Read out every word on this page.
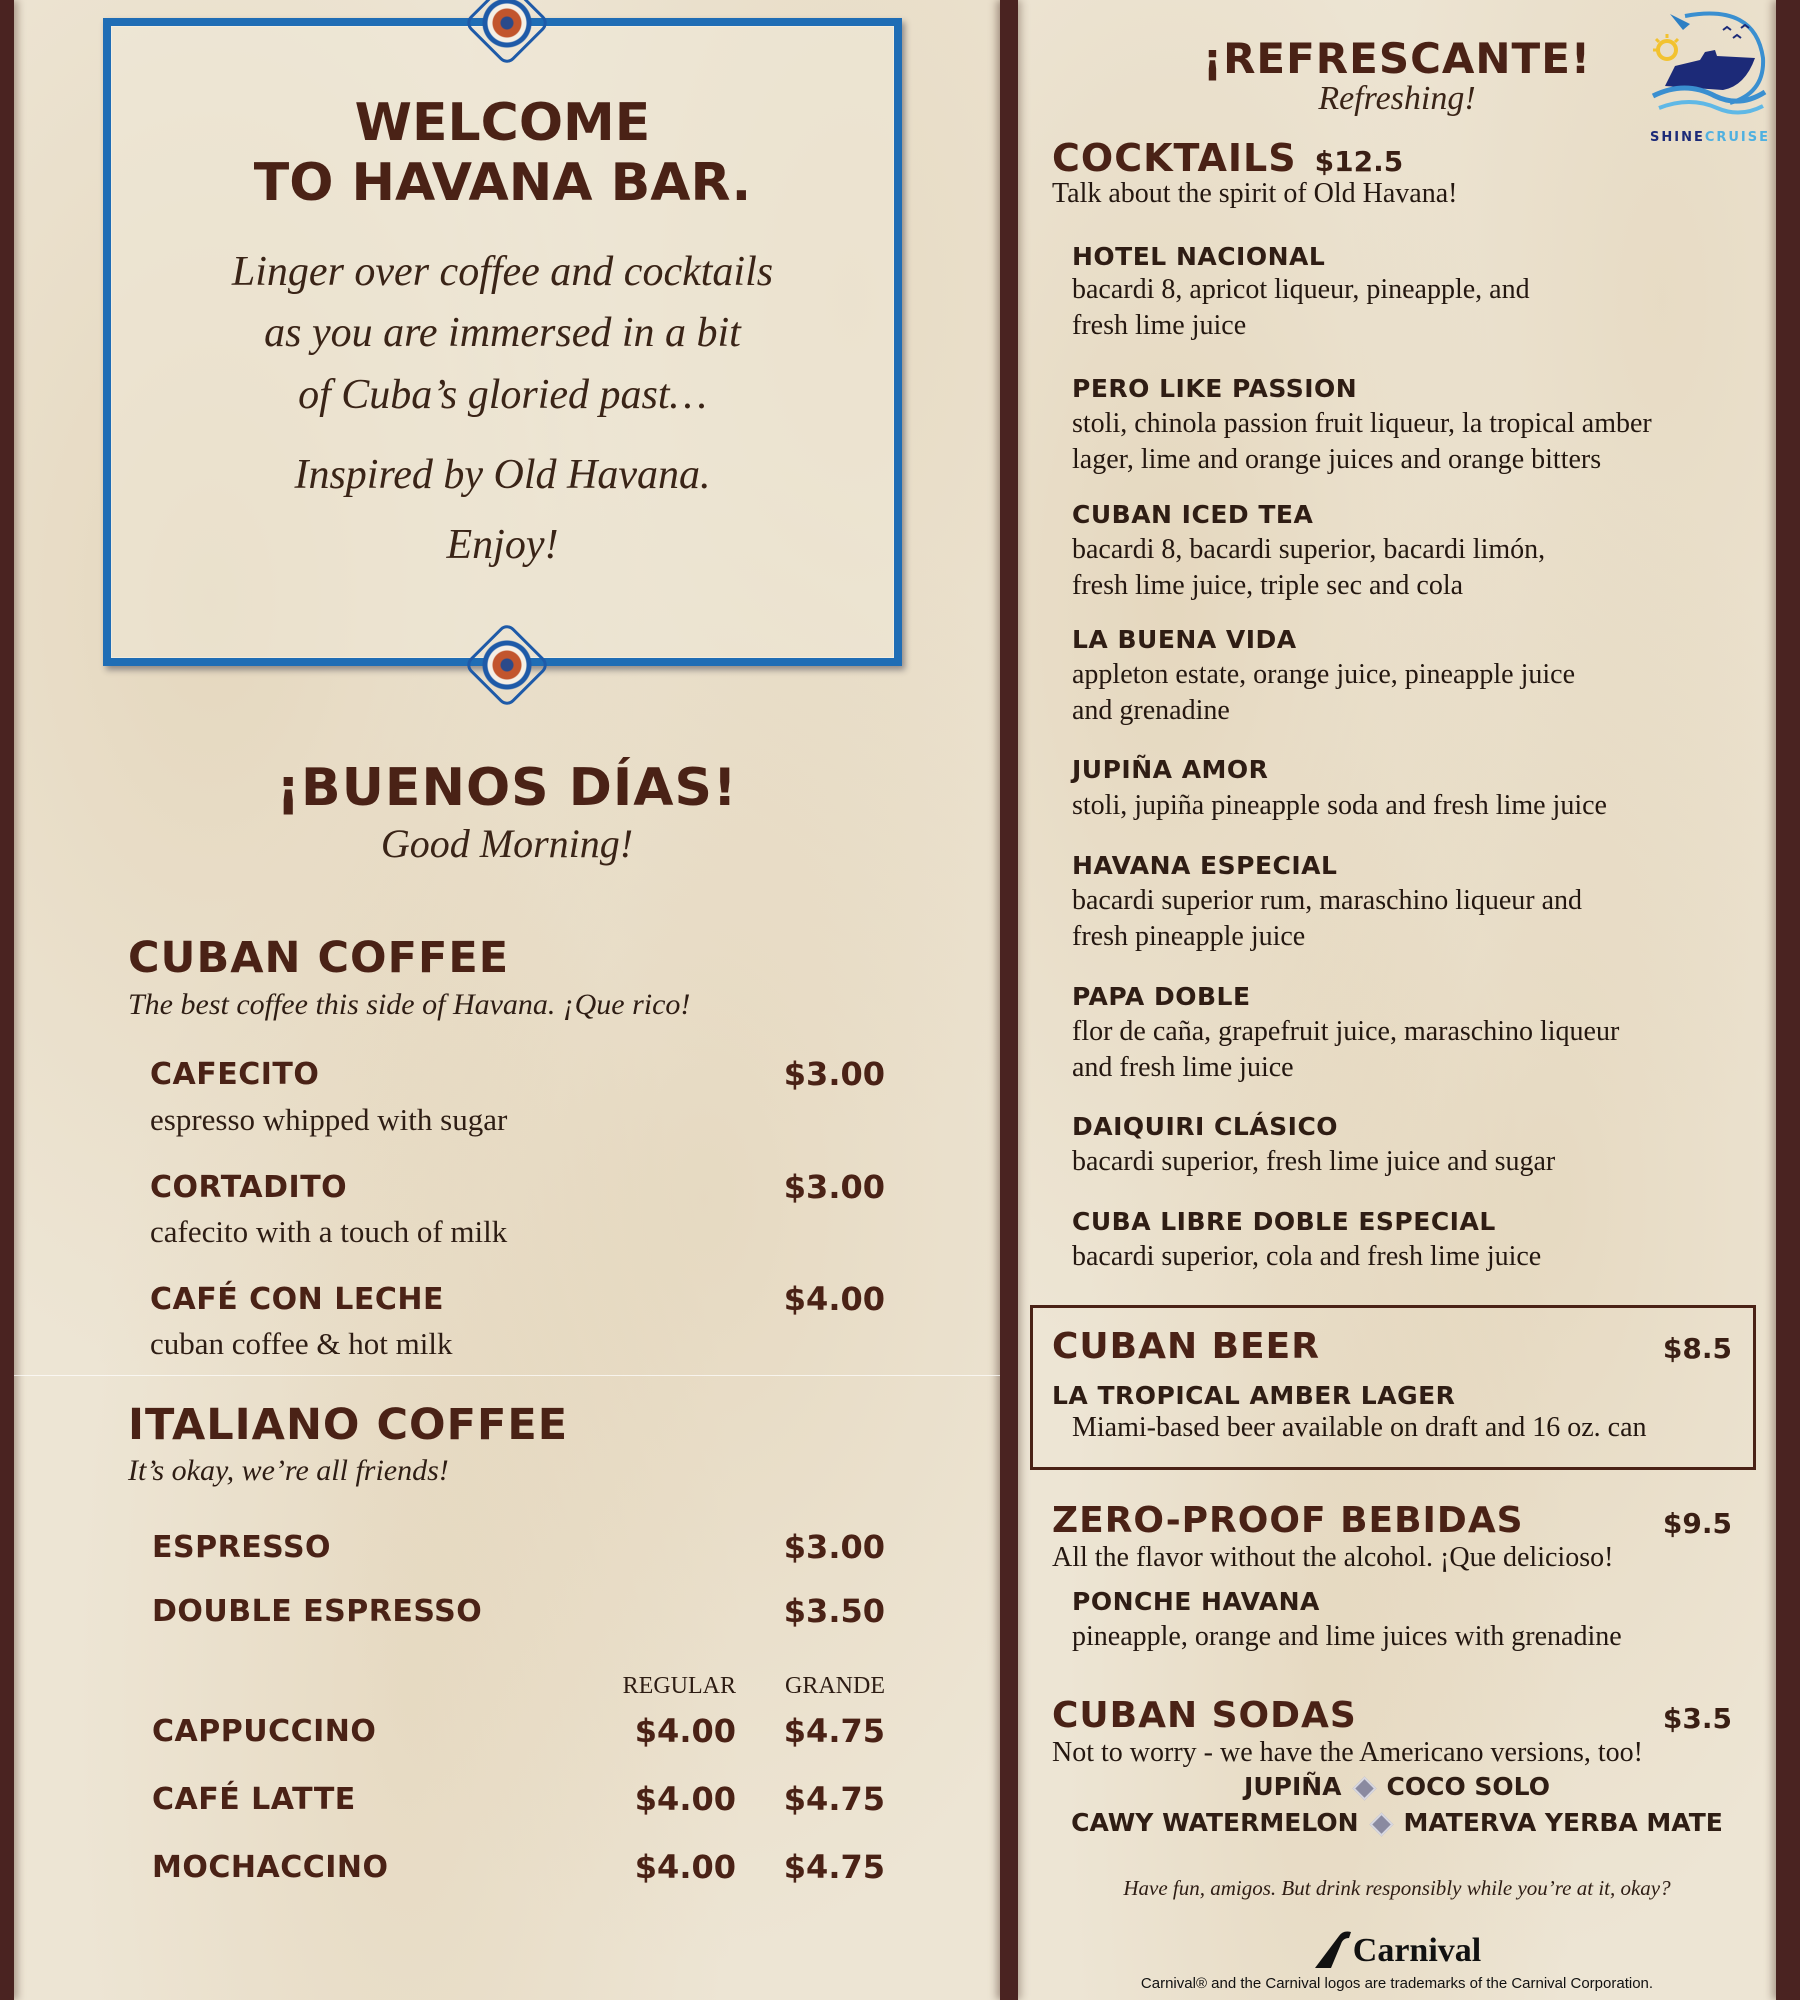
WELCOME
TO HAVANA BAR.
Linger over coffee and cocktails
as you are immersed in a bit
of Cuba’s gloried past…
Inspired by Old Havana.
Enjoy!
¡BUENOS DÍAS!
Good Morning!
CUBAN COFFEE
The best coffee this side of Havana. ¡Que rico!
CAFECITO	$3.00
espresso whipped with sugar
CORTADITO	$3.00
cafecito with a touch of milk
CAFÉ CON LECHE	$4.00
cuban coffee & hot milk
ITALIANO COFFEE
It’s okay, we’re all friends!
ESPRESSO	$3.00
DOUBLE ESPRESSO	$3.50
REGULAR	GRANDE
CAPPUCCINO	$4.00	$4.75
CAFÉ LATTE	$4.00	$4.75
MOCHACCINO	$4.00	$4.75
¡REFRESCANTE!
Refreshing!
SHINECRUISE
COCKTAILS $12.5
Talk about the spirit of Old Havana!
HOTEL NACIONAL
bacardi 8, apricot liqueur, pineapple, and
fresh lime juice
PERO LIKE PASSION
stoli, chinola passion fruit liqueur, la tropical amber
lager, lime and orange juices and orange bitters
CUBAN ICED TEA
bacardi 8, bacardi superior, bacardi limón,
fresh lime juice, triple sec and cola
LA BUENA VIDA
appleton estate, orange juice, pineapple juice
and grenadine
JUPIÑA AMOR
stoli, jupiña pineapple soda and fresh lime juice
HAVANA ESPECIAL
bacardi superior rum, maraschino liqueur and
fresh pineapple juice
PAPA DOBLE
flor de caña, grapefruit juice, maraschino liqueur
and fresh lime juice
DAIQUIRI CLÁSICO
bacardi superior, fresh lime juice and sugar
CUBA LIBRE DOBLE ESPECIAL
bacardi superior, cola and fresh lime juice
CUBAN BEER	$8.5
LA TROPICAL AMBER LAGER
Miami-based beer available on draft and 16 oz. can
ZERO-PROOF BEBIDAS	$9.5
All the flavor without the alcohol. ¡Que delicioso!
PONCHE HAVANA
pineapple, orange and lime juices with grenadine
CUBAN SODAS	$3.5
Not to worry - we have the Americano versions, too!
JUPIÑA COCO SOLO
CAWY WATERMELON MATERVA YERBA MATE
Have fun, amigos. But drink responsibly while you’re at it, okay?
Carnival
Carnival® and the Carnival logos are trademarks of the Carnival Corporation.
